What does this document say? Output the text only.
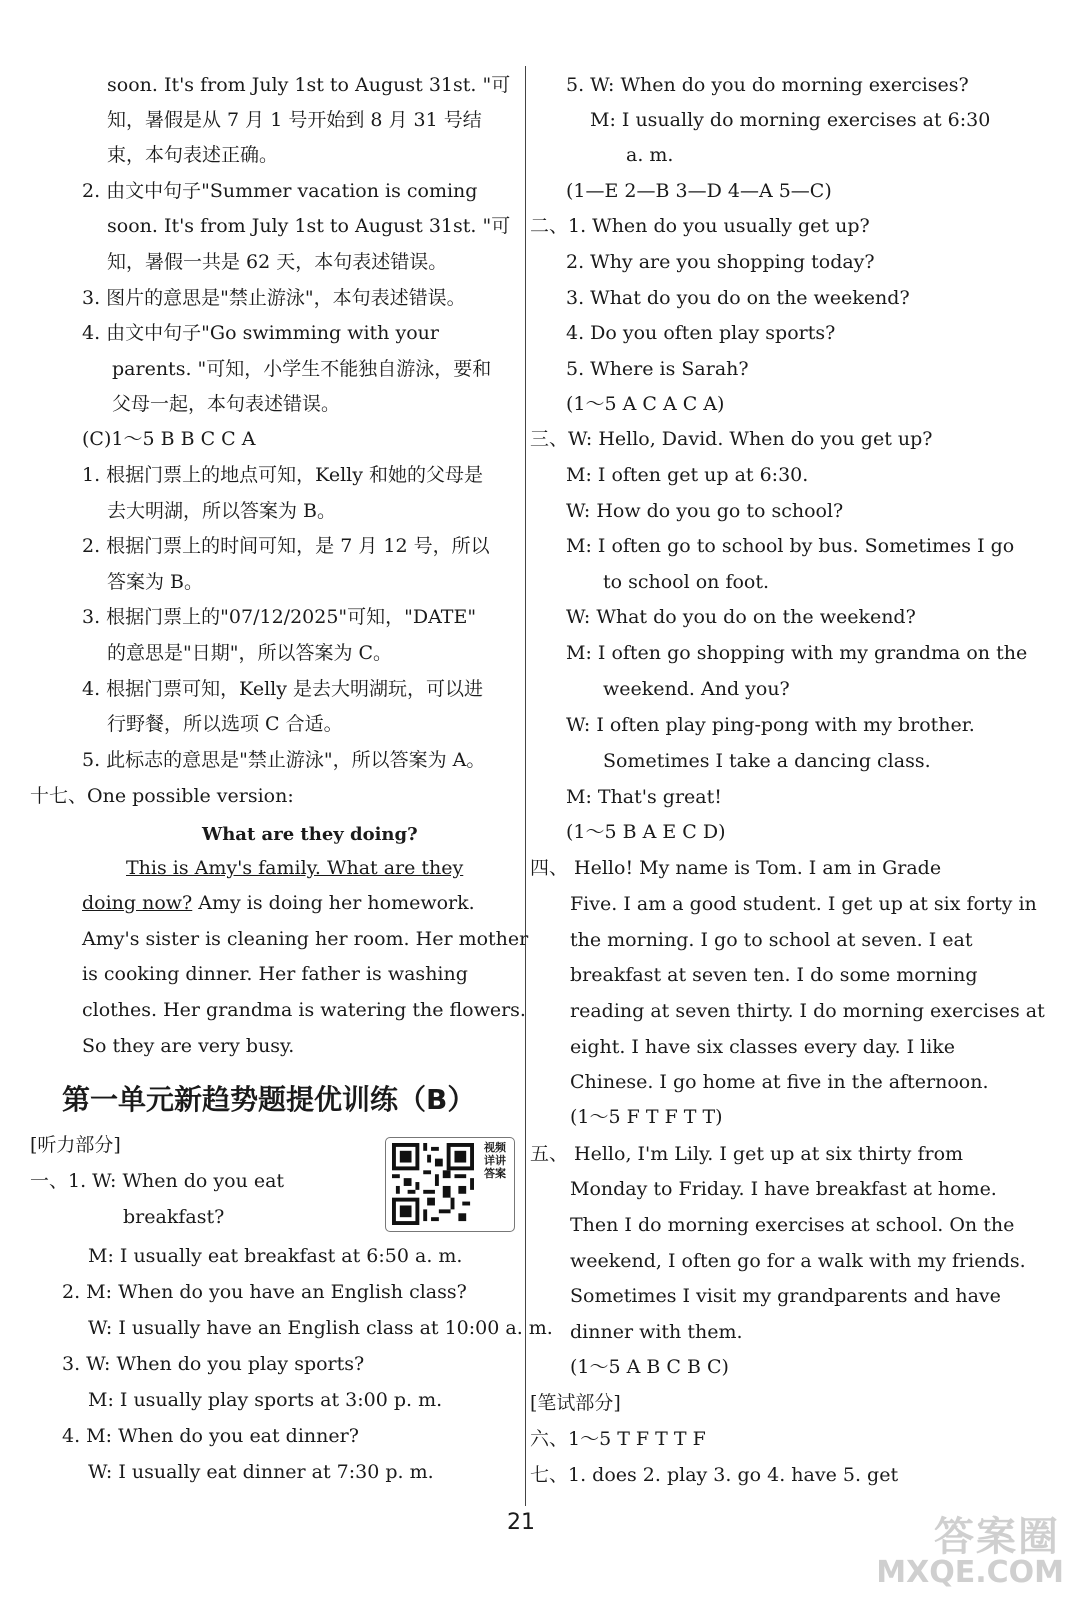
soon. It's from July 1st to August 31st. "可
知，暑假是从 7 月 1 号开始到 8 月 31 号结
束，本句表述正确。
2. 由文中句子"Summer vacation is coming
soon. It's from July 1st to August 31st. "可
知，暑假一共是 62 天，本句表述错误。
3. 图片的意思是"禁止游泳"，本句表述错误。
4. 由文中句子"Go swimming with your
parents. "可知，小学生不能独自游泳，要和
父母一起，本句表述错误。
(C)1～5 B B C C A
1. 根据门票上的地点可知，Kelly 和她的父母是
去大明湖，所以答案为 B。
2. 根据门票上的时间可知，是 7 月 12 号，所以
答案为 B。
3. 根据门票上的"07/12/2025"可知，"DATE"
的意思是"日期"，所以答案为 C。
4. 根据门票可知，Kelly 是去大明湖玩，可以进
行野餐，所以选项 C 合适。
5. 此标志的意思是"禁止游泳"，所以答案为 A。
十七、One possible version:
What are they doing?
This is Amy's family. What are they
doing now? Amy is doing her homework.
Amy's sister is cleaning her room. Her mother
is cooking dinner. Her father is washing
clothes. Her grandma is watering the flowers.
So they are very busy.
第一单元新趋势题提优训练（B）
[听力部分]	视频详讲答案
一、1. W: When do you eat
breakfast?
M: I usually eat breakfast at 6:50 a. m.
2. M: When do you have an English class?
W: I usually have an English class at 10:00 a. m.
3. W: When do you play sports?
M: I usually play sports at 3:00 p. m.
4. M: When do you eat dinner?
W: I usually eat dinner at 7:30 p. m.
5. W: When do you do morning exercises?
M: I usually do morning exercises at 6:30
a. m.
(1—E 2—B 3—D 4—A 5—C)
二、1. When do you usually get up?
2. Why are you shopping today?
3. What do you do on the weekend?
4. Do you often play sports?
5. Where is Sarah?
(1～5 A C A C A)
三、W: Hello, David. When do you get up?
M: I often get up at 6:30.
W: How do you go to school?
M: I often go to school by bus. Sometimes I go
to school on foot.
W: What do you do on the weekend?
M: I often go shopping with my grandma on the
weekend. And you?
W: I often play ping-pong with my brother.
Sometimes I take a dancing class.
M: That's great!
(1～5 B A E C D)
四、 Hello! My name is Tom. I am in Grade
Five. I am a good student. I get up at six forty in
the morning. I go to school at seven. I eat
breakfast at seven ten. I do some morning
reading at seven thirty. I do morning exercises at
eight. I have six classes every day. I like
Chinese. I go home at five in the afternoon.
(1～5 F T F T T)
五、 Hello, I'm Lily. I get up at six thirty from
Monday to Friday. I have breakfast at home.
Then I do morning exercises at school. On the
weekend, I often go for a walk with my friends.
Sometimes I visit my grandparents and have
dinner with them.
(1～5 A B C B C)
[笔试部分]
六、1～5 T F T T F
七、1. does 2. play 3. go 4. have 5. get
21	答案圈
MXQE.COM
